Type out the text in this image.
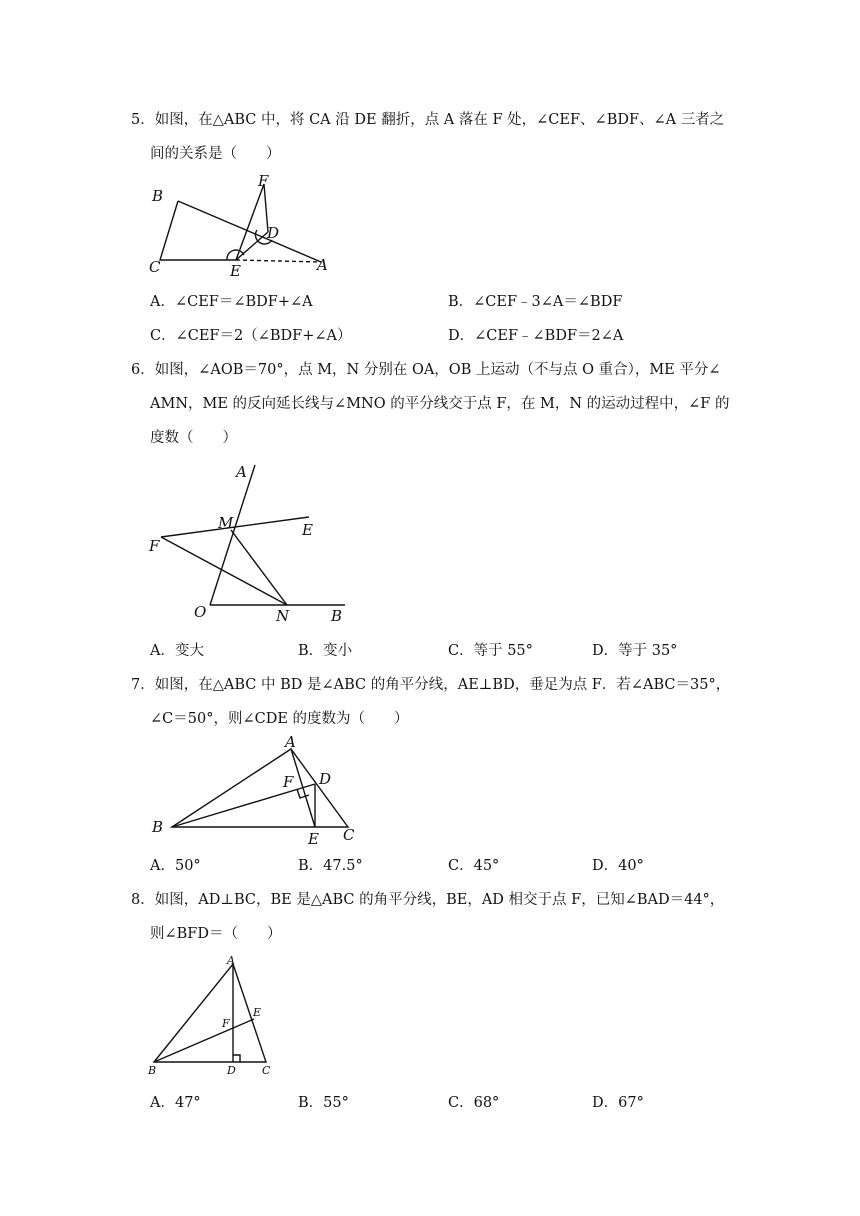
5．如图，在△ABC 中，将 CA 沿 DE 翻折，点 A 落在 F 处，∠CEF、∠BDF、∠A 三者之
间的关系是（　　）
B
F
D
C	E	A
A．∠CEF＝∠BDF+∠A	B．∠CEF﹣3∠A＝∠BDF
C．∠CEF＝2（∠BDF+∠A）	D．∠CEF﹣∠BDF＝2∠A
6．如图，∠AOB＝70°，点 M，N 分别在 OA，OB 上运动（不与点 O 重合），ME 平分∠
AMN，ME 的反向延长线与∠MNO 的平分线交于点 F，在 M，N 的运动过程中，∠F 的
度数（　　）
A
M	E
F
O	N	B
A．变大	B．变小	C．等于 55°	D．等于 35°
7．如图，在△ABC 中 BD 是∠ABC 的角平分线，AE⊥BD，垂足为点 F．若∠ABC＝35°，
∠C＝50°，则∠CDE 的度数为（　　）
A
F D
B
E C
A．50°	B．47.5°	C．45°	D．40°
8．如图，AD⊥BC，BE 是△ABC 的角平分线，BE，AD 相交于点 F，已知∠BAD＝44°，
则∠BFD＝（　　）
A
E
F
B	D C
A．47°	B．55°	C．68°	D．67°
